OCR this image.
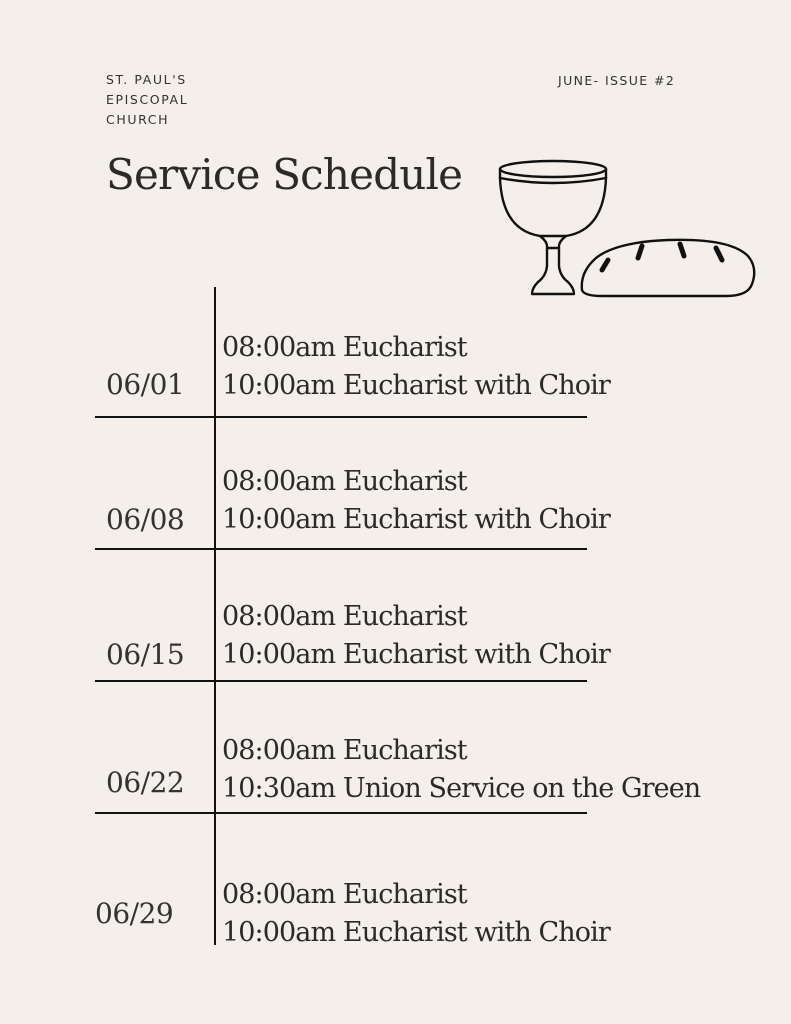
ST. PAUL'S
EPISCOPAL
CHURCH
JUNE- ISSUE #2
Service Schedule
06/01
08:00am Eucharist
10:00am Eucharist with Choir
06/08
08:00am Eucharist
10:00am Eucharist with Choir
06/15
08:00am Eucharist
10:00am Eucharist with Choir
06/22
08:00am Eucharist
10:30am Union Service on the Green
06/29
08:00am Eucharist
10:00am Eucharist with Choir
